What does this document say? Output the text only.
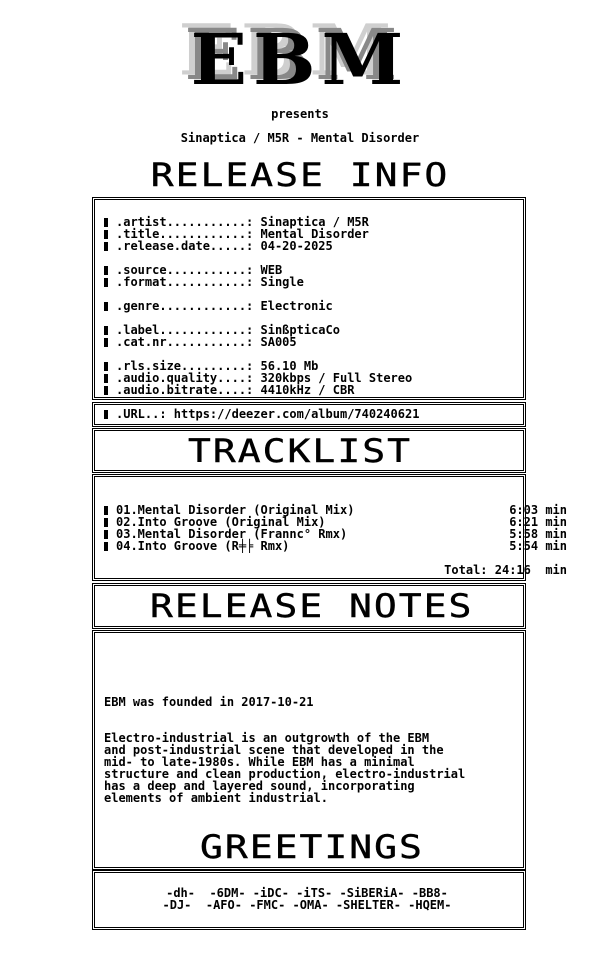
EBM
presents
Sinaptica / M5R - Mental Disorder
RELEASE INFO
.artist...........: Sinaptica / M5R
.title............: Mental Disorder
.release.date.....: 04-20-2025
.source...........: WEB
.format...........: Single
.genre............: Electronic
.label............: SinßpticaCo
.cat.nr...........: SA005
.rls.size.........: 56.10 Mb
.audio.quality....: 320kbps / Full Stereo
.audio.bitrate....: 4410kHz / CBR
.URL..: https://deezer.com/album/740240621
TRACKLIST
01.Mental Disorder (Original Mix)	6:03 min
02.Into Groove (Original Mix)	6:21 min
03.Mental Disorder (Frannc° Rmx)	5:58 min
04.Into Groove (R╪╞ Rmx)	5:54 min
Total: 24:16  min
RELEASE NOTES
EBM was founded in 2017-10-21
Electro-industrial is an outgrowth of the EBM
and post-industrial scene that developed in the
mid- to late-1980s. While EBM has a minimal
structure and clean production, electro-industrial
has a deep and layered sound, incorporating
elements of ambient industrial.
GREETINGS
-dh-  -6DM- -iDC- -iTS- -SiBERiA- -BB8-
-DJ-  -AFO- -FMC- -OMA- -SHELTER- -HQEM-
